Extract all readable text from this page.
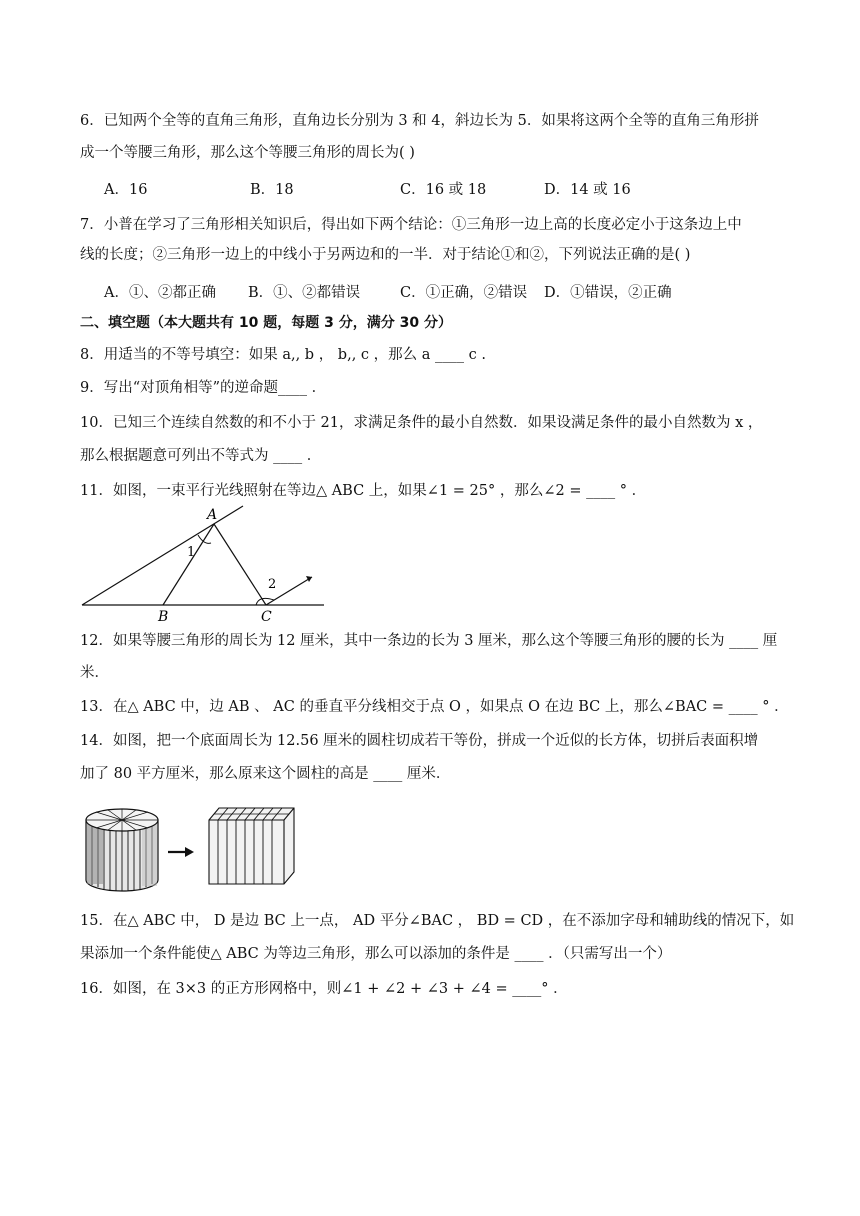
6．已知两个全等的直角三角形，直角边长分别为 3 和 4，斜边长为 5．如果将这两个全等的直角三角形拼
成一个等腰三角形，那么这个等腰三角形的周长为( )
A．16	B．18	C．16 或 18	D．14 或 16
7．小普在学习了三角形相关知识后，得出如下两个结论：①三角形一边上高的长度必定小于这条边上中
线的长度；②三角形一边上的中线小于另两边和的一半．对于结论①和②，下列说法正确的是( )
A．①、②都正确 B．①、②都错误	C．①正确，②错误 D．①错误，②正确
二、填空题（本大题共有 10 题，每题 3 分，满分 30 分）
8．用适当的不等号填空：如果 a,, b ， b,, c ，那么 a ____ c .
9．写出“对顶角相等”的逆命题____ ．
10．已知三个连续自然数的和不小于 21，求满足条件的最小自然数．如果设满足条件的最小自然数为 x ，
那么根据题意可列出不等式为 ____ ．
11．如图，一束平行光线照射在等边△ ABC 上，如果∠1 = 25° ，那么∠2 = ____ ° ．
A
B	C
1
2
12．如果等腰三角形的周长为 12 厘米，其中一条边的长为 3 厘米，那么这个等腰三角形的腰的长为 ____ 厘
米．
13．在△ ABC 中，边 AB 、 AC 的垂直平分线相交于点 O ，如果点 O 在边 BC 上，那么∠BAC = ____ ° ．
14．如图，把一个底面周长为 12.56 厘米的圆柱切成若干等份，拼成一个近似的长方体，切拼后表面积增
加了 80 平方厘米，那么原来这个圆柱的高是 ____ 厘米．
15．在△ ABC 中， D 是边 BC 上一点， AD 平分∠BAC ， BD = CD ，在不添加字母和辅助线的情况下，如
果添加一个条件能使△ ABC 为等边三角形，那么可以添加的条件是 ____ ．（只需写出一个）
16．如图，在 3×3 的正方形网格中，则∠1 + ∠2 + ∠3 + ∠4 = ____° ．
